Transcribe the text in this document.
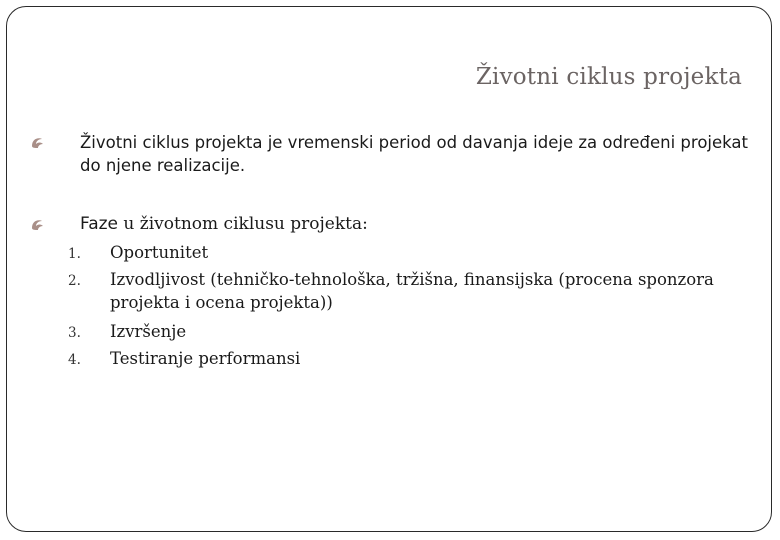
Životni ciklus projekta
Životni ciklus projekta je vremenski period od davanja ideje za određeni projekat do njene realizacije.
Faze u životnom ciklusu projekta:
1. Oportunitet
2. Izvodljivost (tehničko-tehnološka, tržišna, finansijska (procena sponzora projekta i ocena projekta))
3. Izvršenje
4. Testiranje performansi
